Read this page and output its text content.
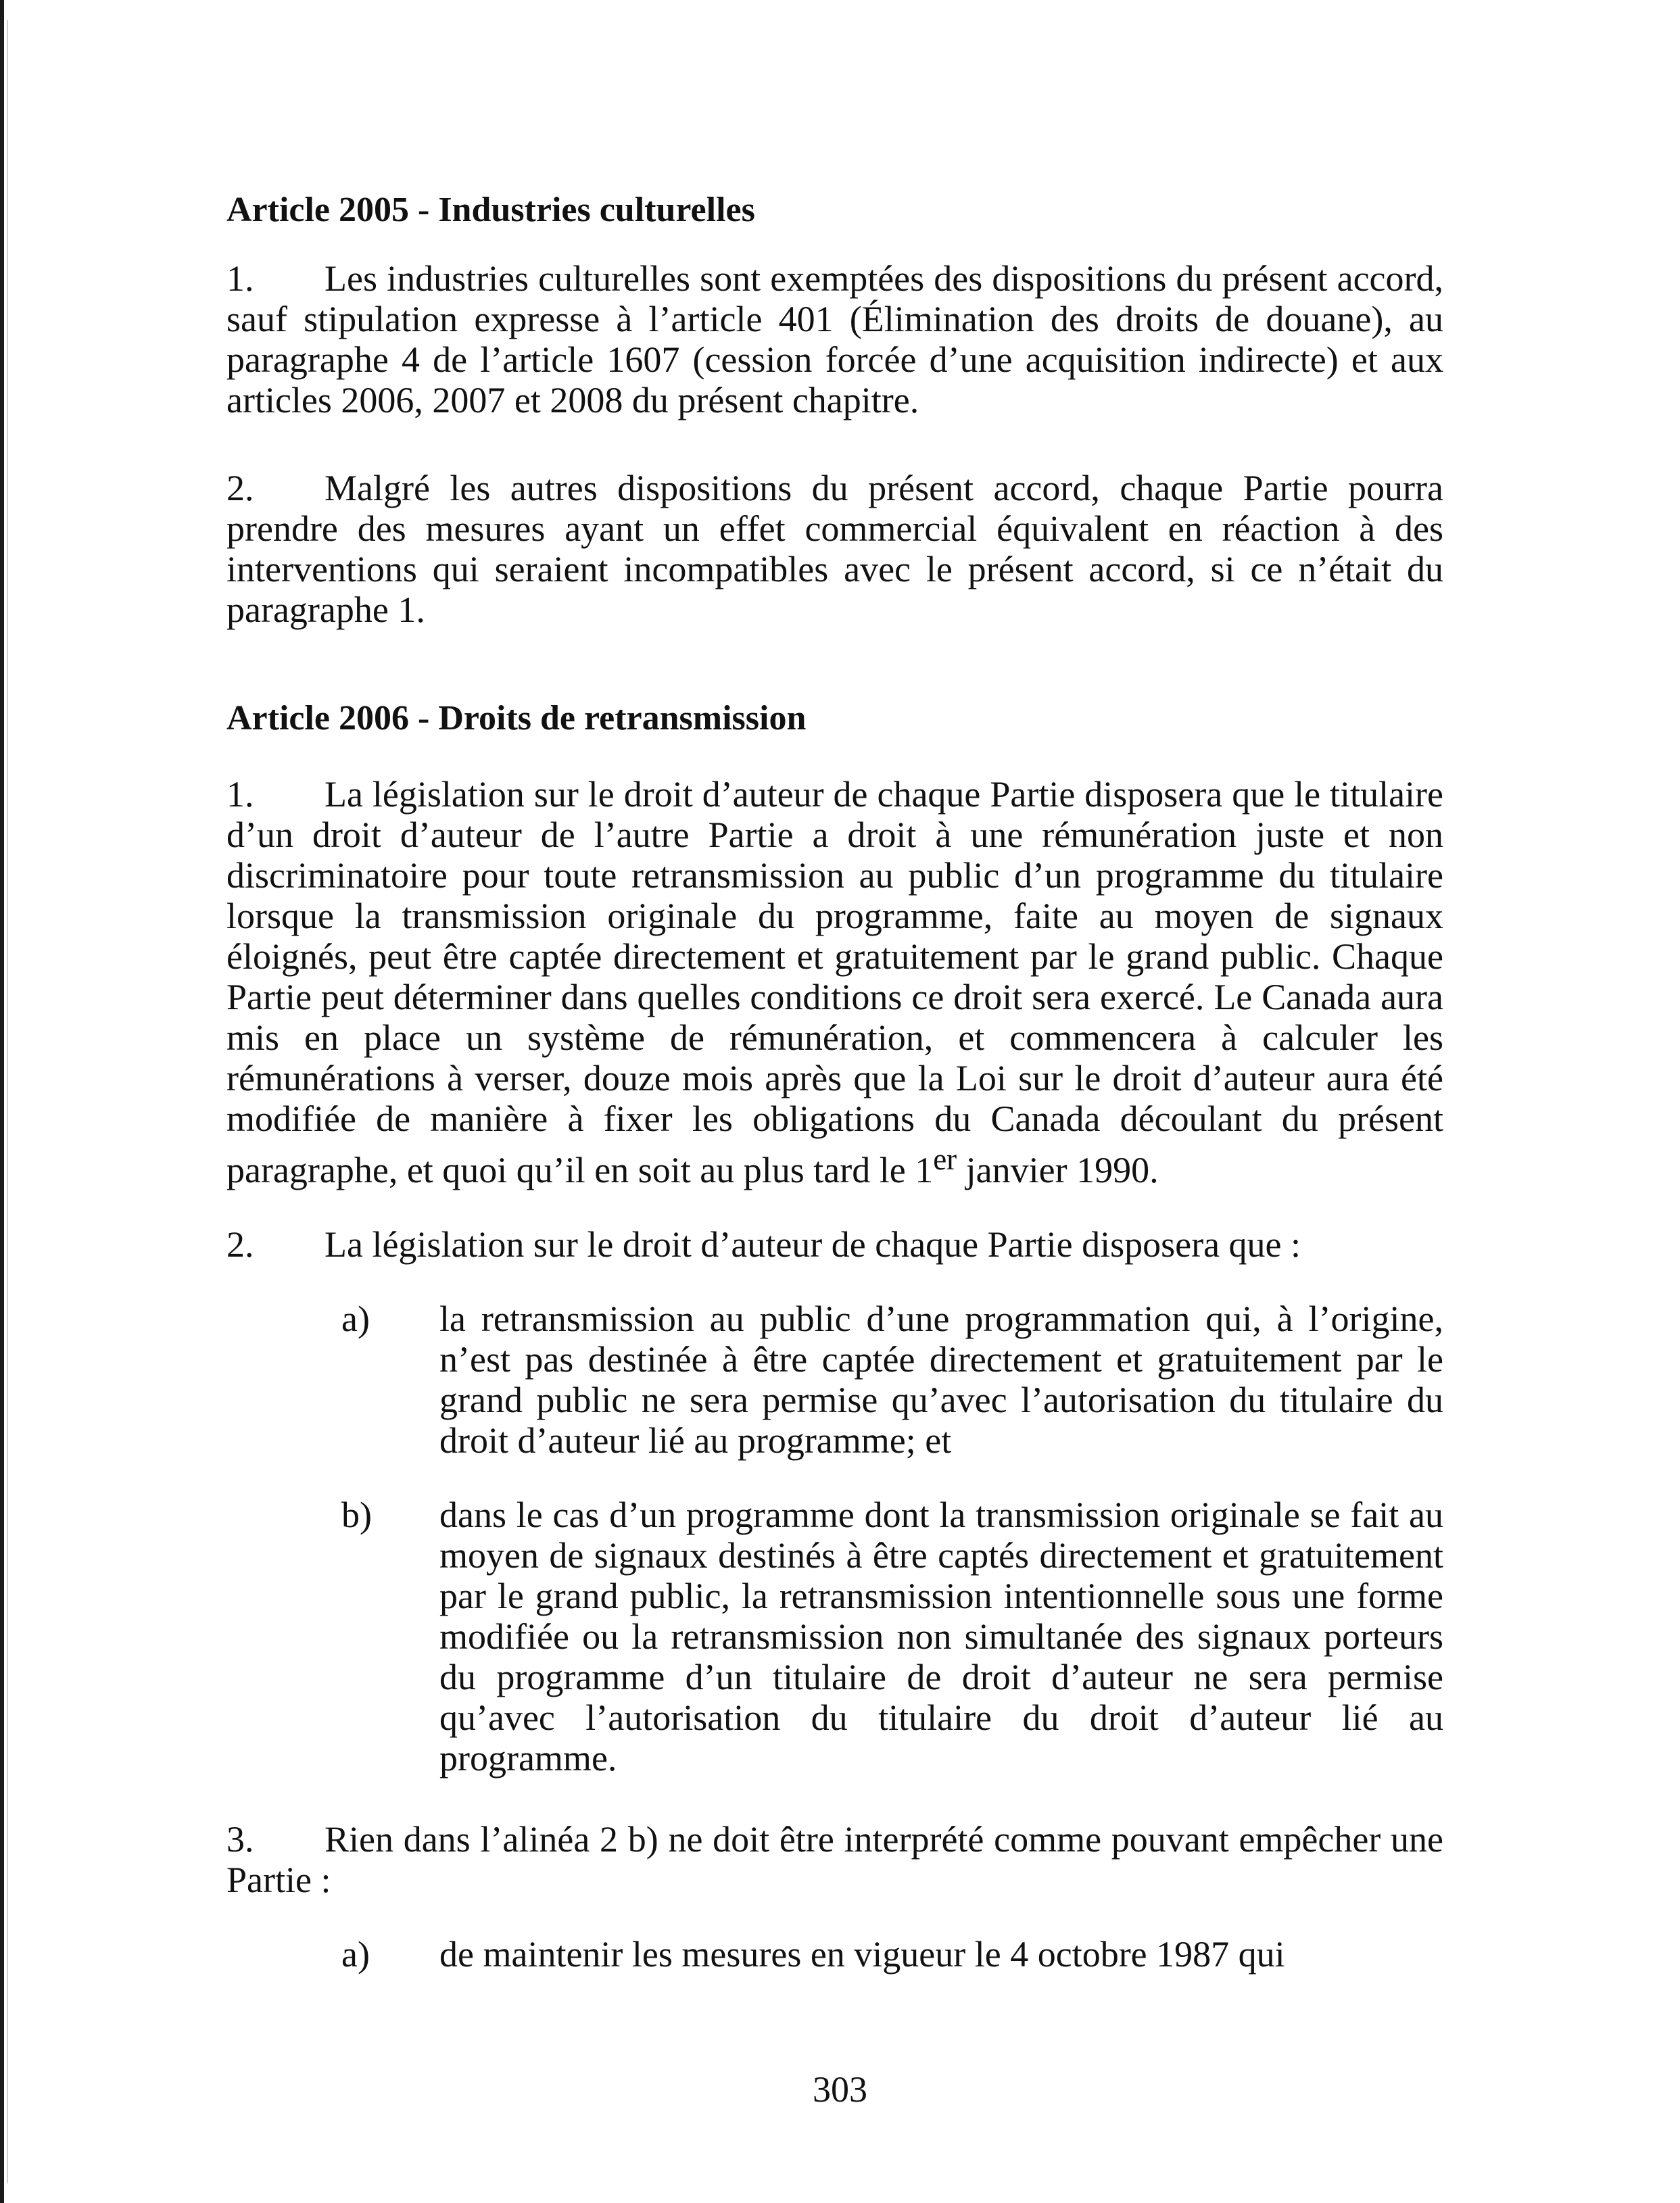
Article 2005 - Industries culturelles

1. Les industries culturelles sont exemptées des dispositions du présent accord, sauf stipulation expresse à l’article 401 (Élimination des droits de douane), au paragraphe 4 de l’article 1607 (cession forcée d’une acquisition indirecte) et aux articles 2006, 2007 et 2008 du présent chapitre.

2. Malgré les autres dispositions du présent accord, chaque Partie pourra prendre des mesures ayant un effet commercial équivalent en réaction à des interventions qui seraient incompatibles avec le présent accord, si ce n’était du paragraphe 1.

Article 2006 - Droits de retransmission

1. La législation sur le droit d’auteur de chaque Partie disposera que le titulaire d’un droit d’auteur de l’autre Partie a droit à une rémunération juste et non discriminatoire pour toute retransmission au public d’un programme du titulaire lorsque la transmission originale du programme, faite au moyen de signaux éloignés, peut être captée directement et gratuitement par le grand public. Chaque Partie peut déterminer dans quelles conditions ce droit sera exercé. Le Canada aura mis en place un système de rémunération, et commencera à calculer les rémunérations à verser, douze mois après que la Loi sur le droit d’auteur aura été modifiée de manière à fixer les obligations du Canada découlant du présent paragraphe, et quoi qu’il en soit au plus tard le 1er janvier 1990.

2. La législation sur le droit d’auteur de chaque Partie disposera que :

a)	la retransmission au public d’une programmation qui, à l’origine, n’est pas destinée à être captée directement et gratuitement par le grand public ne sera permise qu’avec l’autorisation du titulaire du droit d’auteur lié au programme; et
b)	dans le cas d’un programme dont la transmission originale se fait au moyen de signaux destinés à être captés directement et gratuitement par le grand public, la retransmission intentionnelle sous une forme modifiée ou la retransmission non simultanée des signaux porteurs du programme d’un titulaire de droit d’auteur ne sera permise qu’avec l’autorisation du titulaire du droit d’auteur lié au programme.

3. Rien dans l’alinéa 2 b) ne doit être interprété comme pouvant empêcher une Partie :

a)	de maintenir les mesures en vigueur le 4 octobre 1987 qui
303
